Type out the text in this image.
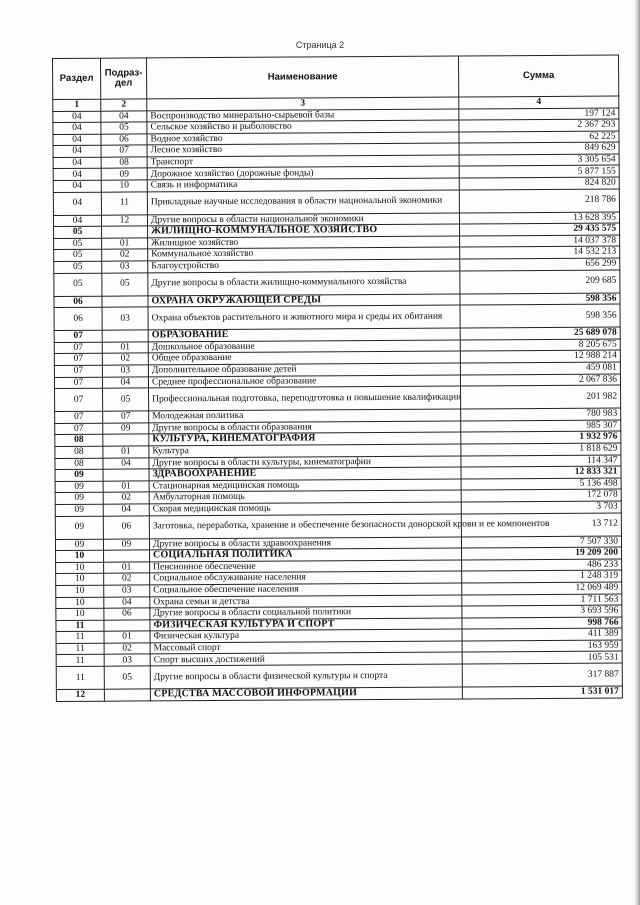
Страница 2
Раздел	Подраз-дел	Наименование	Сумма
1	2	3	4
04	04	Воспроизводство минерально-сырьевой базы	197 124
04	05	Сельское хозяйство и рыболовство	2 367 293
04	06	Водное хозяйство	62 225
04	07	Лесное хозяйство	849 629
04	08	Транспорт	3 305 654
04	09	Дорожное хозяйство (дорожные фонды)	5 877 155
04	10	Связь и информатика	824 820
04	11	Прикладные научные исследования в области национальной экономики	218 786
04	12	Другие вопросы в области национальной экономики	13 628 395
05		ЖИЛИЩНО-КОММУНАЛЬНОЕ ХОЗЯЙСТВО	29 435 575
05	01	Жилищное хозяйство	14 037 378
05	02	Коммунальное хозяйство	14 532 213
05	03	Благоустройство	656 299
05	05	Другие вопросы в области жилищно-коммунального хозяйства	209 685
06		ОХРАНА ОКРУЖАЮЩЕЙ СРЕДЫ	598 356
06	03	Охрана объектов растительного и животного мира и среды их обитания	598 356
07		ОБРАЗОВАНИЕ	25 689 078
07	01	Дошкольное образование	8 205 675
07	02	Общее образование	12 988 214
07	03	Дополнительное образование детей	459 081
07	04	Среднее профессиональное образование	2 067 836
07	05	Профессиональная подготовка, переподготовка и повышение квалификации	201 982
07	07	Молодежная политика	780 983
07	09	Другие вопросы в области образования	985 307
08		КУЛЬТУРА, КИНЕМАТОГРАФИЯ	1 932 976
08	01	Культура	1 818 629
08	04	Другие вопросы в области культуры, кинематографии	114 347
09		ЗДРАВООХРАНЕНИЕ	12 833 321
09	01	Стационарная медицинская помощь	5 136 498
09	02	Амбулаторная помощь	172 078
09	04	Скорая медицинская помощь	3 703
09	06	Заготовка, переработка, хранение и обеспечение безопасности донорской крови и ее компонентов	13 712
09	09	Другие вопросы в области здравоохранения	7 507 330
10		СОЦИАЛЬНАЯ ПОЛИТИКА	19 209 200
10	01	Пенсионное обеспечение	486 233
10	02	Социальное обслуживание населения	1 248 319
10	03	Социальное обеспечение населения	12 069 489
10	04	Охрана семьи и детства	1 711 563
10	06	Другие вопросы в области социальной политики	3 693 596
11		ФИЗИЧЕСКАЯ КУЛЬТУРА И СПОРТ	998 766
11	01	Физическая культура	411 389
11	02	Массовый спорт	163 959
11	03	Спорт высших достижений	105 531
11	05	Другие вопросы в области физической культуры и спорта	317 887
12		СРЕДСТВА МАССОВОЙ ИНФОРМАЦИИ	1 531 017
